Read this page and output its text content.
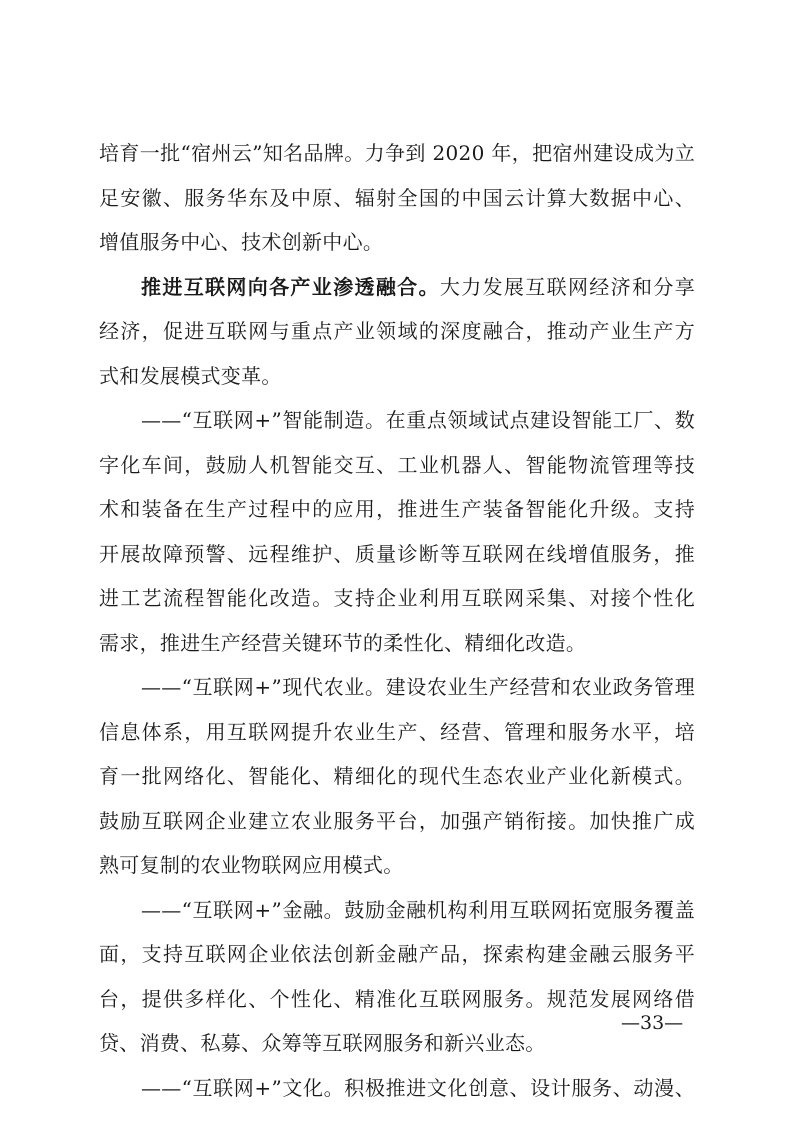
培育一批“宿州云”知名品牌。力争到 2020 年，把宿州建设成为立
足安徽、服务华东及中原、辐射全国的中国云计算大数据中心、
增值服务中心、技术创新中心。
推进互联网向各产业渗透融合。大力发展互联网经济和分享
经济，促进互联网与重点产业领域的深度融合，推动产业生产方
式和发展模式变革。
——“互联网+”智能制造。在重点领域试点建设智能工厂、数
字化车间，鼓励人机智能交互、工业机器人、智能物流管理等技
术和装备在生产过程中的应用，推进生产装备智能化升级。支持
开展故障预警、远程维护、质量诊断等互联网在线增值服务，推
进工艺流程智能化改造。支持企业利用互联网采集、对接个性化
需求，推进生产经营关键环节的柔性化、精细化改造。
——“互联网+”现代农业。建设农业生产经营和农业政务管理
信息体系，用互联网提升农业生产、经营、管理和服务水平，培
育一批网络化、智能化、精细化的现代生态农业产业化新模式。
鼓励互联网企业建立农业服务平台，加强产销衔接。加快推广成
熟可复制的农业物联网应用模式。
——“互联网+”金融。鼓励金融机构利用互联网拓宽服务覆盖
面，支持互联网企业依法创新金融产品，探索构建金融云服务平
台，提供多样化、个性化、精准化互联网服务。规范发展网络借
贷、消费、私募、众筹等互联网服务和新兴业态。
——“互联网+”文化。积极推进文化创意、设计服务、动漫、
—33—
